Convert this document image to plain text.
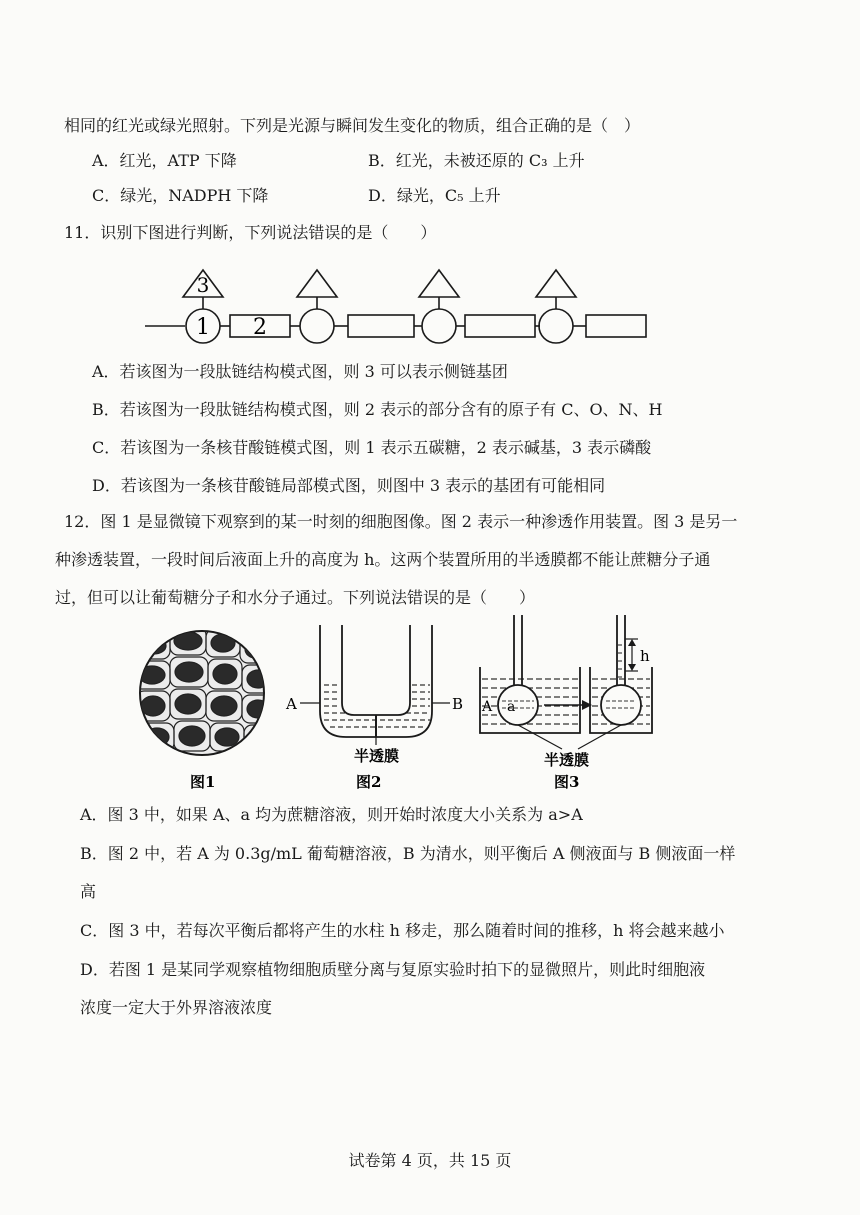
相同的红光或绿光照射。下列是光源与瞬间发生变化的物质，组合正确的是（　）
A．红光，ATP 下降	B．红光，未被还原的 C₃ 上升
C．绿光，NADPH 下降	D．绿光，C₅ 上升
11．识别下图进行判断，下列说法错误的是（　　）
1 2
3
A．若该图为一段肽链结构模式图，则 3 可以表示侧链基团
B．若该图为一段肽链结构模式图，则 2 表示的部分含有的原子有 C、O、N、H
C．若该图为一条核苷酸链模式图，则 1 表示五碳糖，2 表示碱基，3 表示磷酸
D．若该图为一条核苷酸链局部模式图，则图中 3 表示的基团有可能相同
12．图 1 是显微镜下观察到的某一时刻的细胞图像。图 2 表示一种渗透作用装置。图 3 是另一
种渗透装置，一段时间后液面上升的高度为 h。这两个装置所用的半透膜都不能让蔗糖分子通
过，但可以让葡萄糖分子和水分子通过。下列说法错误的是（　　）
图1
A	B
半透膜
图2
A a
h
半透膜
图3
A．图 3 中，如果 A、a 均为蔗糖溶液，则开始时浓度大小关系为 a>A
B．图 2 中，若 A 为 0.3g/mL 葡萄糖溶液，B 为清水，则平衡后 A 侧液面与 B 侧液面一样
高
C．图 3 中，若每次平衡后都将产生的水柱 h 移走，那么随着时间的推移，h 将会越来越小
D．若图 1 是某同学观察植物细胞质壁分离与复原实验时拍下的显微照片，则此时细胞液
浓度一定大于外界溶液浓度
试卷第 4 页，共 15 页
